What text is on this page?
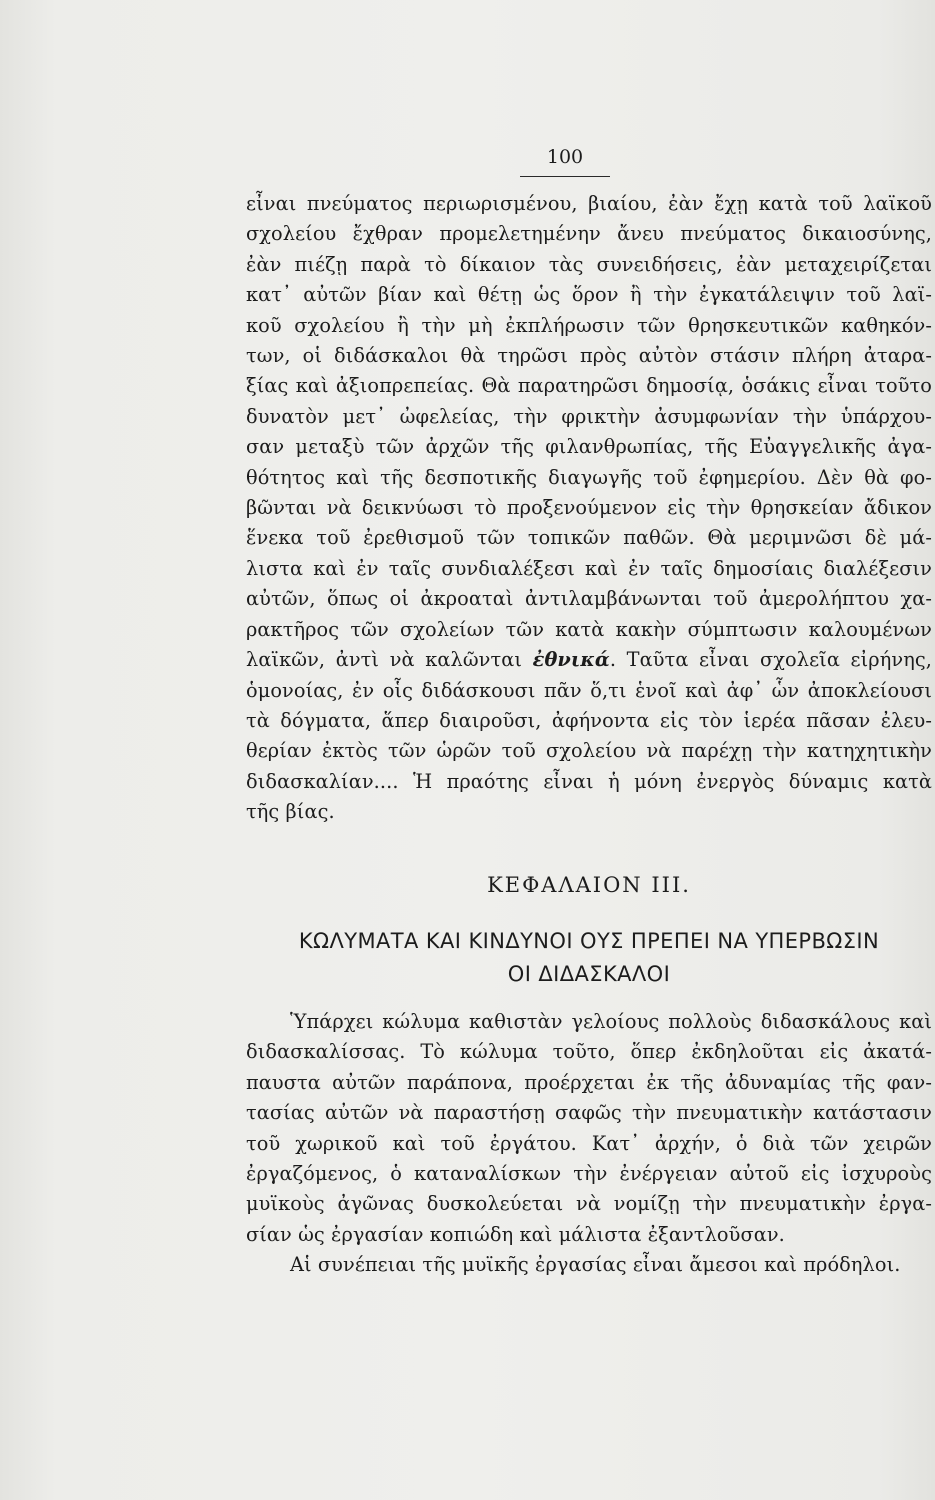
100
εἶναι πνεύματος περιωρισμένου, βιαίου, ἐὰν ἔχῃ κατὰ τοῦ λαϊκοῦ
σχολείου ἔχθραν προμελετημένην ἄνευ πνεύματος δικαιοσύνης,
ἐὰν πιέζῃ παρὰ τὸ δίκαιον τὰς συνειδήσεις, ἐὰν μεταχειρίζεται
κατ᾽ αὐτῶν βίαν καὶ θέτῃ ὡς ὅρον ἢ τὴν ἐγκατάλειψιν τοῦ λαϊ-
κοῦ σχολείου ἢ τὴν μὴ ἐκπλήρωσιν τῶν θρησκευτικῶν καθηκόν-
των, οἱ διδάσκαλοι θὰ τηρῶσι πρὸς αὐτὸν στάσιν πλήρη ἀταρα-
ξίας καὶ ἀξιοπρεπείας. Θὰ παρατηρῶσι δημοσίᾳ, ὁσάκις εἶναι τοῦτο
δυνατὸν μετ᾽ ὠφελείας, τὴν φρικτὴν ἀσυμφωνίαν τὴν ὑπάρχου-
σαν μεταξὺ τῶν ἀρχῶν τῆς φιλανθρωπίας, τῆς Εὐαγγελικῆς ἀγα-
θότητος καὶ τῆς δεσποτικῆς διαγωγῆς τοῦ ἐφημερίου. Δὲν θὰ φο-
βῶνται νὰ δεικνύωσι τὸ προξενούμενον εἰς τὴν θρησκείαν ἄδικον
ἕνεκα τοῦ ἐρεθισμοῦ τῶν τοπικῶν παθῶν. Θὰ μεριμνῶσι δὲ μά-
λιστα καὶ ἐν ταῖς συνδιαλέξεσι καὶ ἐν ταῖς δημοσίαις διαλέξεσιν
αὐτῶν, ὅπως οἱ ἀκροαταὶ ἀντιλαμβάνωνται τοῦ ἀμερολήπτου χα-
ρακτῆρος τῶν σχολείων τῶν κατὰ κακὴν σύμπτωσιν καλουμένων
λαϊκῶν, ἀντὶ νὰ καλῶνται ἐθνικά. Ταῦτα εἶναι σχολεῖα εἰρήνης,
ὁμονοίας, ἐν οἷς διδάσκουσι πᾶν ὅ,τι ἑνοῖ καὶ ἀφ᾽ ὧν ἀποκλείουσι
τὰ δόγματα, ἅπερ διαιροῦσι, ἀφήνοντα εἰς τὸν ἱερέα πᾶσαν ἐλευ-
θερίαν ἐκτὸς τῶν ὡρῶν τοῦ σχολείου νὰ παρέχῃ τὴν κατηχητικὴν
διδασκαλίαν.... Ἡ πραότης εἶναι ἡ μόνη ἐνεργὸς δύναμις κατὰ
τῆς βίας.
ΚΕΦΑΛΑΙΟΝ ΙΙΙ.
ΚΩΛΥΜΑΤΑ ΚΑΙ ΚΙΝΔΥΝΟΙ ΟΥΣ ΠΡΕΠΕΙ ΝΑ ΥΠΕΡΒΩΣΙΝ
ΟΙ ΔΙΔΑΣΚΑΛΟΙ
Ὑπάρχει κώλυμα καθιστὰν γελοίους πολλοὺς διδασκάλους καὶ
διδασκαλίσσας. Τὸ κώλυμα τοῦτο, ὅπερ ἐκδηλοῦται εἰς ἀκατά-
παυστα αὐτῶν παράπονα, προέρχεται ἐκ τῆς ἀδυναμίας τῆς φαν-
τασίας αὐτῶν νὰ παραστήσῃ σαφῶς τὴν πνευματικὴν κατάστασιν
τοῦ χωρικοῦ καὶ τοῦ ἐργάτου. Κατ᾽ ἀρχήν, ὁ διὰ τῶν χειρῶν
ἐργαζόμενος, ὁ καταναλίσκων τὴν ἐνέργειαν αὐτοῦ εἰς ἰσχυροὺς
μυϊκοὺς ἀγῶνας δυσκολεύεται νὰ νομίζῃ τὴν πνευματικὴν ἐργα-
σίαν ὡς ἐργασίαν κοπιώδη καὶ μάλιστα ἐξαντλοῦσαν.
Αἱ συνέπειαι τῆς μυϊκῆς ἐργασίας εἶναι ἄμεσοι καὶ πρόδηλοι.
